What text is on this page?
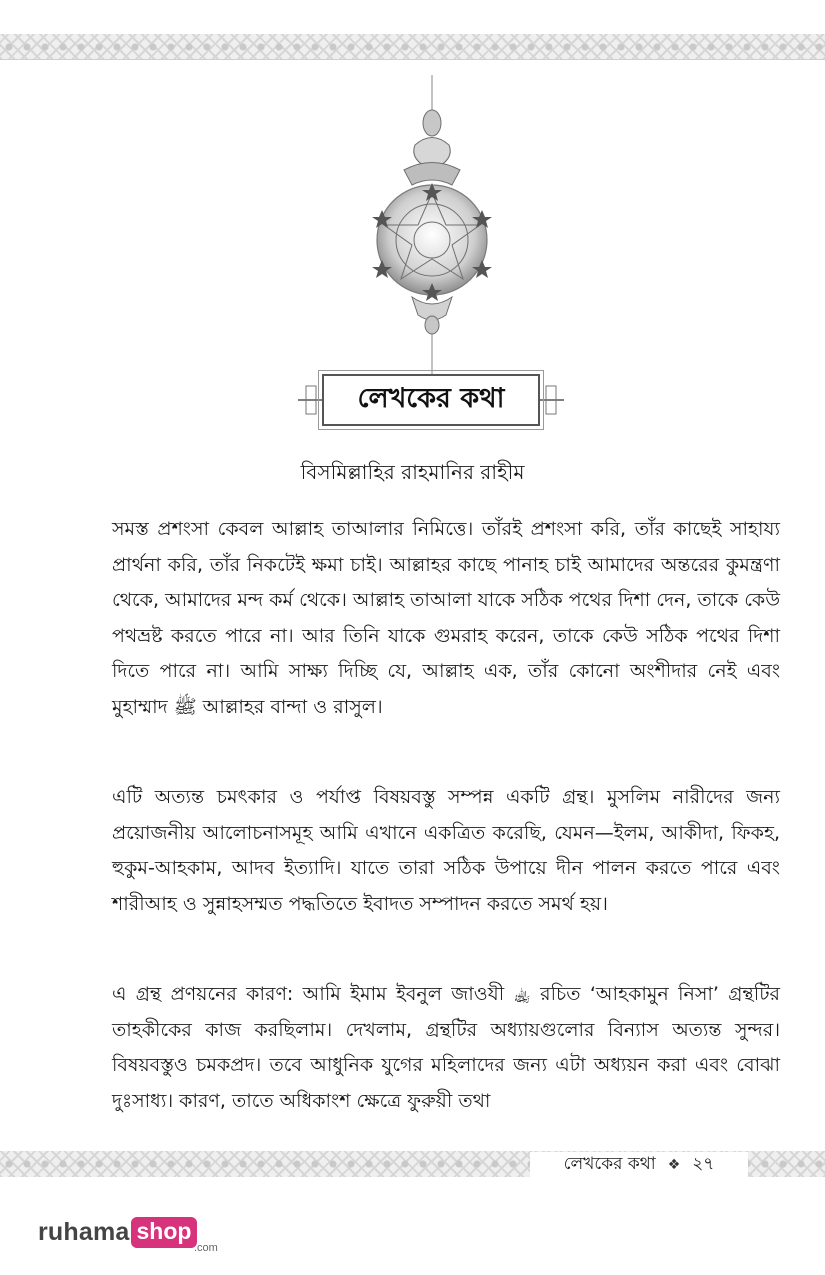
লেখকের কথা
বিসমিল্লাহির রাহমানির রাহীম

সমস্ত প্রশংসা কেবল আল্লাহ তাআলার নিমিত্তে। তাঁরই প্রশংসা করি, তাঁর কাছেই সাহায্য প্রার্থনা করি, তাঁর নিকটেই ক্ষমা চাই। আল্লাহর কাছে পানাহ চাই আমাদের অন্তরের কুমন্ত্রণা থেকে, আমাদের মন্দ কর্ম থেকে। আল্লাহ তাআলা যাকে সঠিক পথের দিশা দেন, তাকে কেউ পথভ্রষ্ট করতে পারে না। আর তিনি যাকে গুমরাহ করেন, তাকে কেউ সঠিক পথের দিশা দিতে পারে না। আমি সাক্ষ্য দিচ্ছি যে, আল্লাহ এক, তাঁর কোনো অংশীদার নেই এবং মুহাম্মাদ ﷺ আল্লাহর বান্দা ও রাসুল।

এটি অত্যন্ত চমৎকার ও পর্যাপ্ত বিষয়বস্তু সম্পন্ন একটি গ্রন্থ। মুসলিম নারীদের জন্য প্রয়োজনীয় আলোচনাসমূহ আমি এখানে একত্রিত করেছি, যেমন—ইলম, আকীদা, ফিকহ, হুকুম-আহকাম, আদব ইত্যাদি। যাতে তারা সঠিক উপায়ে দীন পালন করতে পারে এবং শারীআহ ও সুন্নাহসম্মত পদ্ধতিতে ইবাদত সম্পাদন করতে সমর্থ হয়।

এ গ্রন্থ প্রণয়নের কারণ: আমি ইমাম ইবনুল জাওযী ﵀ রচিত ‘আহকামুন নিসা’ গ্রন্থটির তাহকীকের কাজ করছিলাম। দেখলাম, গ্রন্থটির অধ্যায়গুলোর বিন্যাস অত্যন্ত সুন্দর। বিষয়বস্তুও চমকপ্রদ। তবে আধুনিক যুগের মহিলাদের জন্য এটা অধ্যয়ন করা এবং বোঝা দুঃসাধ্য। কারণ, তাতে অধিকাংশ ক্ষেত্রে ফুরুয়ী তথা

লেখকের কথা ❖ ২৭
ruhama shop
.com
